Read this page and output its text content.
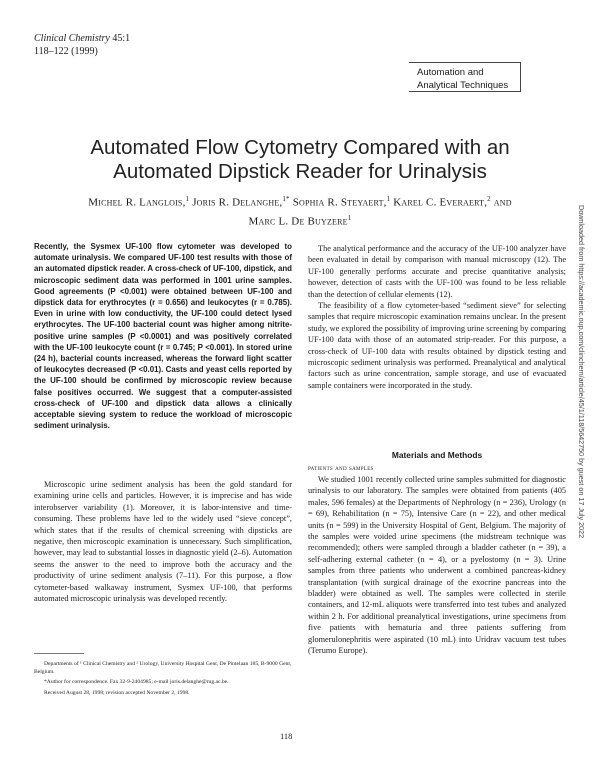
Clinical Chemistry 45:1
118–122 (1999)
Automation and
Analytical Techniques
Automated Flow Cytometry Compared with an
Automated Dipstick Reader for Urinalysis
Michel R. Langlois,$^1$ Joris R. Delanghe,$^{1*}$ Sophia R. Steyaert,$^1$ Karel C. Everaert,$^2$ and
Marc L. De Buyzere$^1$
Recently, the Sysmex UF-100 flow cytometer was developed to automate urinalysis. We compared UF-100 test results with those of an automated dipstick reader. A cross-check of UF-100, dipstick, and microscopic sediment data was performed in 1001 urine samples. Good agreements (P <0.001) were obtained between UF-100 and dipstick data for erythrocytes (r = 0.656) and leukocytes (r = 0.785). Even in urine with low conductivity, the UF-100 could detect lysed erythrocytes. The UF-100 bacterial count was higher among nitrite-positive urine samples (P <0.0001) and was positively correlated with the UF-100 leukocyte count (r = 0.745; P <0.001). In stored urine (24 h), bacterial counts increased, whereas the forward light scatter of leukocytes decreased (P <0.01). Casts and yeast cells reported by the UF-100 should be confirmed by microscopic review because false positives occurred. We suggest that a computer-assisted cross-check of UF-100 and dipstick data allows a clinically acceptable sieving system to reduce the workload of microscopic sediment urinalysis.
Microscopic urine sediment analysis has been the gold standard for examining urine cells and particles. However, it is imprecise and has wide interobserver variability (1). Moreover, it is labor-intensive and time-consuming. These problems have led to the widely used “sieve concept”, which states that if the results of chemical screening with dipsticks are negative, then microscopic examination is unnecessary. Such simplification, however, may lead to substantial losses in diagnostic yield (2–6). Automation seems the answer to the need to improve both the accuracy and the productivity of urine sediment analysis (7–11). For this purpose, a flow cytometer-based walkaway instrument, Sysmex UF-100, that performs automated microscopic urinalysis was developed recently.

Departments of ¹ Clinical Chemistry and ² Urology, University Hospital Gent, De Pintelaan 185, B-9000 Gent, Belgium.

*Author for correspondence. Fax 32-9-2404985; e-mail joris.delanghe@rug.ac.be.

Received August 28, 1998; revision accepted November 2, 1998.

The analytical performance and the accuracy of the UF-100 analyzer have been evaluated in detail by comparison with manual microscopy (12). The UF-100 generally performs accurate and precise quantitative analysis; however, detection of casts with the UF-100 was found to be less reliable than the detection of cellular elements (12).

The feasibility of a flow cytometer-based “sediment sieve” for selecting samples that require microscopic examination remains unclear. In the present study, we explored the possibility of improving urine screening by comparing UF-100 data with those of an automated strip-reader. For this purpose, a cross-check of UF-100 data with results obtained by dipstick testing and microscopic sediment urinalysis was performed. Preanalytical and analytical factors such as urine concentration, sample storage, and use of evacuated sample containers were incorporated in the study.

Materials and Methods
patients and samples

We studied 1001 recently collected urine samples submitted for diagnostic urinalysis to our laboratory. The samples were obtained from patients (405 males, 596 females) at the Departments of Nephrology (n = 236), Urology (n = 69), Rehabilitation (n = 75), Intensive Care (n = 22), and other medical units (n = 599) in the University Hospital of Gent, Belgium. The majority of the samples were voided urine specimens (the midstream technique was recommended); others were sampled through a bladder catheter (n = 39), a self-adhering external catheter (n = 4), or a pyelostomy (n = 3). Urine samples from three patients who underwent a combined pancreas-kidney transplantation (with surgical drainage of the exocrine pancreas into the bladder) were obtained as well. The samples were collected in sterile containers, and 12-mL aliquots were transferred into test tubes and analyzed within 2 h. For additional preanalytical investigations, urine specimens from five patients with hematuria and three patients suffering from glomerulonephritis were aspirated (10 mL) into Uridrav vacuum test tubes (Terumo Europe).

118
Downloaded from https://academic.oup.com/clinchem/article/45/1/118/5642750 by guest on 17 July 2022
